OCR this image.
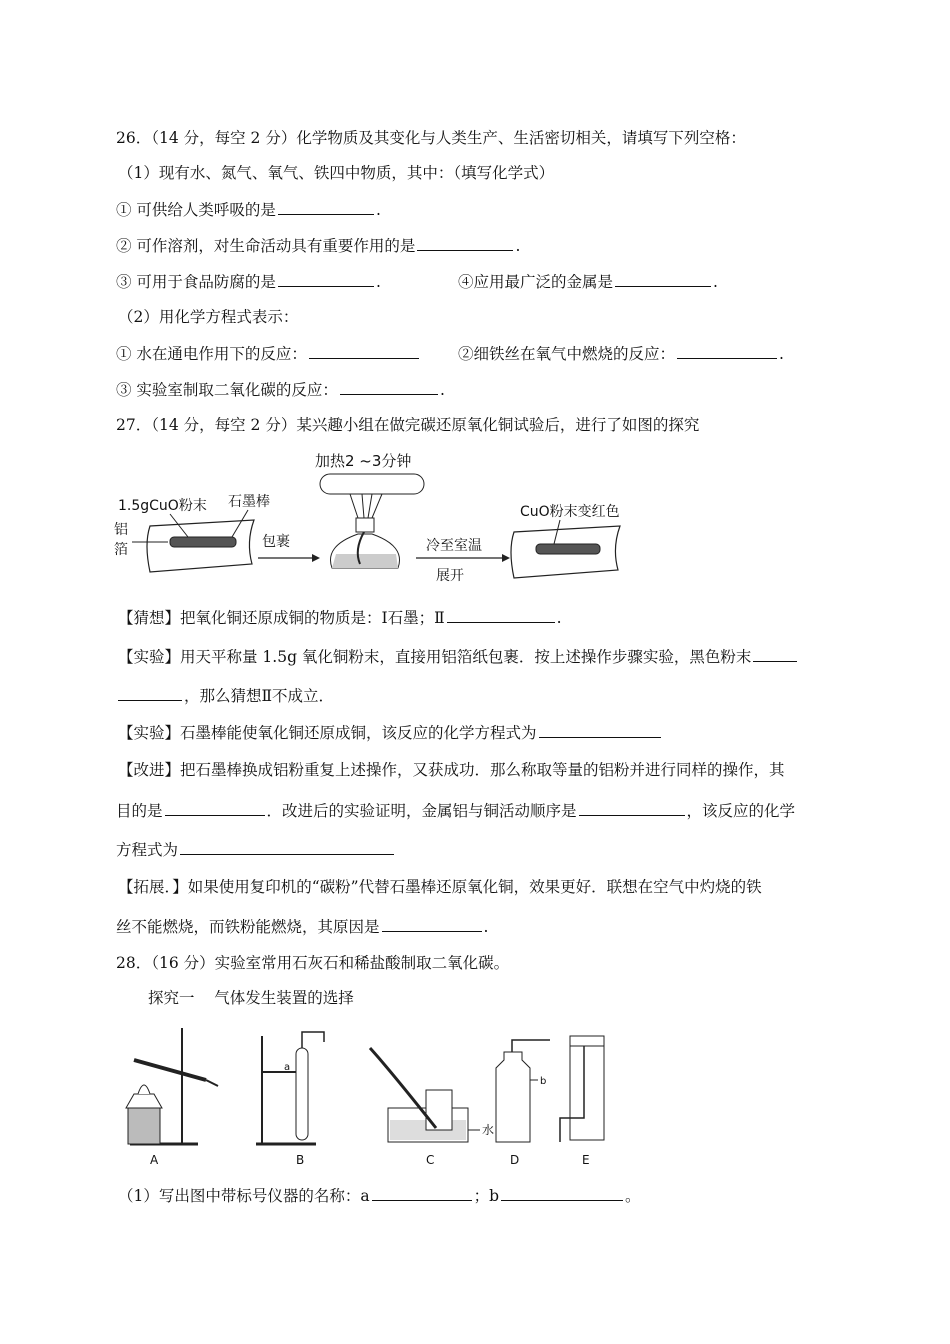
26．（14 分，每空 2 分）化学物质及其变化与人类生产、生活密切相关，请填写下列空格：
（1）现有水、氮气、氧气、铁四中物质，其中：（填写化学式）
① 可供给人类呼吸的是	.
② 可作溶剂，对生命活动具有重要作用的是	.
③ 可用于食品防腐的是	.	④应用最广泛的金属是	.
（2）用化学方程式表示：
① 水在通电作用下的反应：	②细铁丝在氧气中燃烧的反应：	.
③ 实验室制取二氧化碳的反应：	.
27．（14 分，每空 2 分）某兴趣小组在做完碳还原氧化铜试验后，进行了如图的探究
加热2 ~3分钟
1.5gCuO粉末 石墨棒
铝
箔	包裹	冷至室温
展开
CuO粉末变红色
【猜想】把氧化铜还原成铜的物质是：Ⅰ石墨；Ⅱ	.
【实验】用天平称量 1.5g 氧化铜粉末，直接用铝箔纸包裹．按上述操作步骤实验，黑色粉末
，那么猜想Ⅱ不成立．
【实验】石墨棒能使氧化铜还原成铜，该反应的化学方程式为
【改进】把石墨棒换成铝粉重复上述操作，又获成功．那么称取等量的铝粉并进行同样的操作，其
目的是	．改进后的实验证明，金属铝与铜活动顺序是	，该反应的化学
方程式为
【拓展．】如果使用复印机的“碳粉”代替石墨棒还原氧化铜，效果更好．联想在空气中灼烧的铁
丝不能燃烧，而铁粉能燃烧，其原因是	.
28．（16 分）实验室常用石灰石和稀盐酸制取二氧化碳。
探究一    气体发生装置的选择
A
a
B
水
C
b
D	E
（1）写出图中带标号仪器的名称：a	；b	。
